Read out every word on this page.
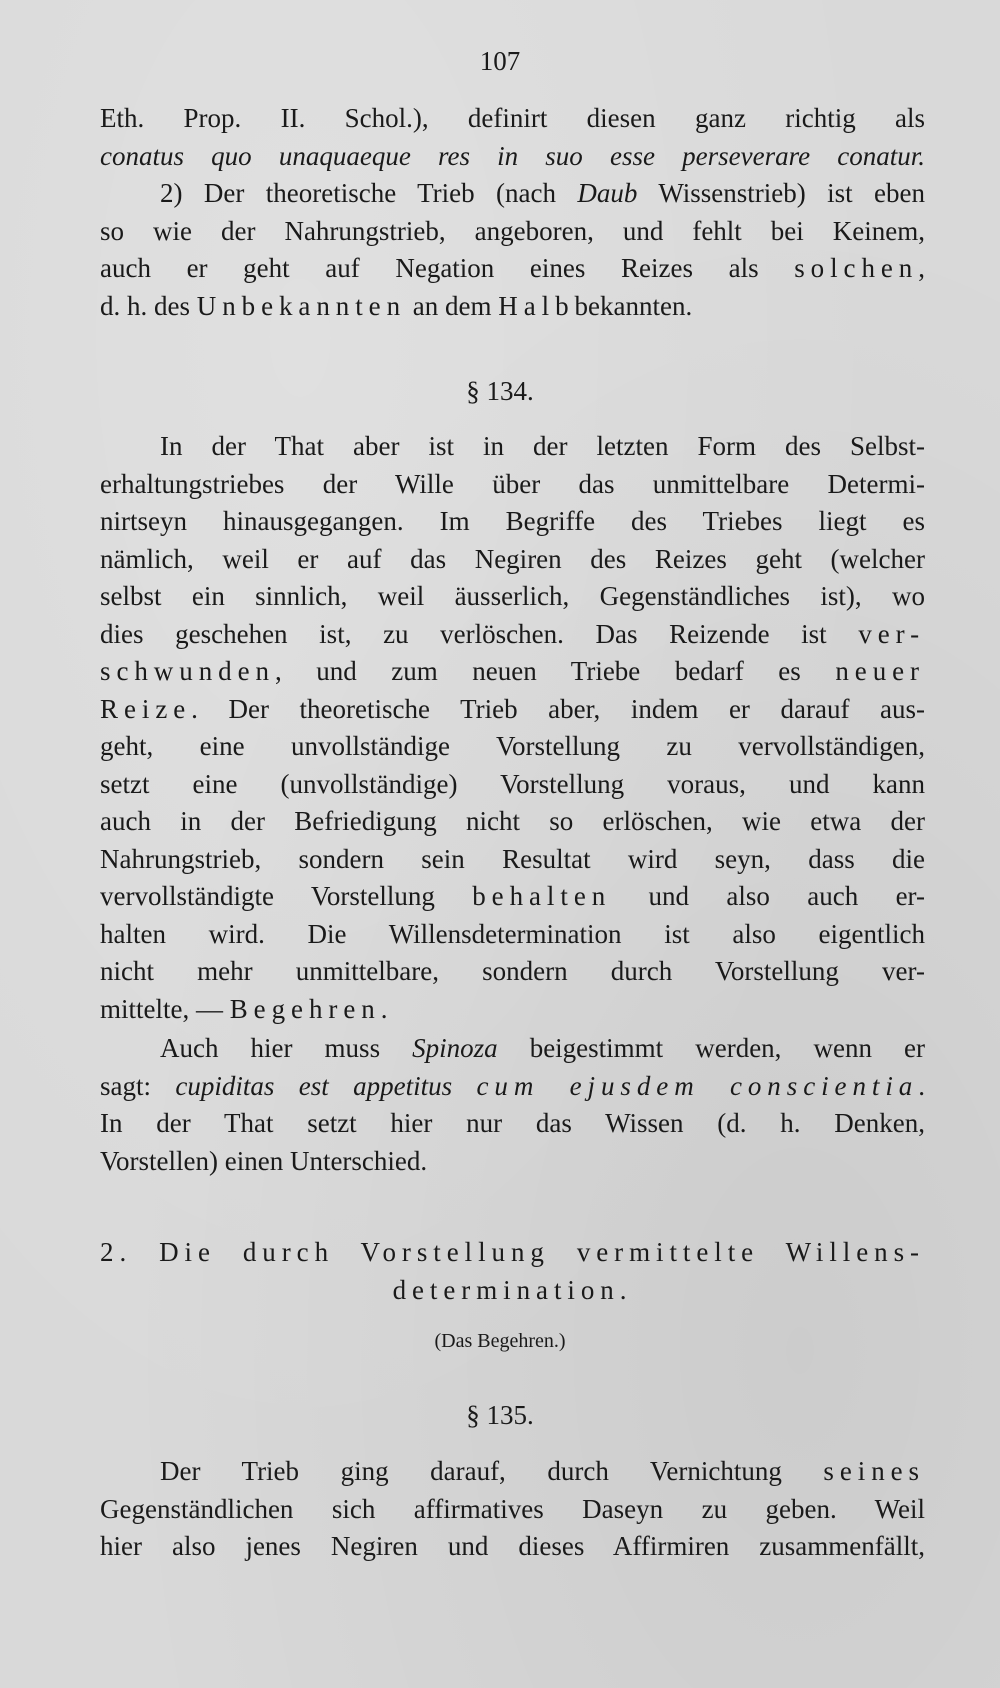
107
Eth. Prop. II. Schol.), definirt diesen ganz richtig als
conatus quo unaquaeque res in suo esse perseverare conatur.
2) Der theoretische Trieb (nach Daub Wissenstrieb) ist eben
so wie der Nahrungstrieb, angeboren, und fehlt bei Keinem,
auch er geht auf Negation eines Reizes als solchen,
d. h. des Unbekannten an dem Halbbekannten.
§ 134.
In der That aber ist in der letzten Form des Selbst-
erhaltungstriebes der Wille über das unmittelbare Determi-
nirtseyn hinausgegangen. Im Begriffe des Triebes liegt es
nämlich, weil er auf das Negiren des Reizes geht (welcher
selbst ein sinnlich, weil äusserlich, Gegenständliches ist), wo
dies geschehen ist, zu verlöschen. Das Reizende ist ver-
schwunden, und zum neuen Triebe bedarf es neuer
Reize. Der theoretische Trieb aber, indem er darauf aus-
geht, eine unvollständige Vorstellung zu vervollständigen,
setzt eine (unvollständige) Vorstellung voraus, und kann
auch in der Befriedigung nicht so erlöschen, wie etwa der
Nahrungstrieb, sondern sein Resultat wird seyn, dass die
vervollständigte Vorstellung behalten und also auch er-
halten wird. Die Willensdetermination ist also eigentlich
nicht mehr unmittelbare, sondern durch Vorstellung ver-
mittelte, — Begehren.
Auch hier muss Spinoza beigestimmt werden, wenn er
sagt: cupiditas est appetitus cum ejusdem conscientia.
In der That setzt hier nur das Wissen (d. h. Denken,
Vorstellen) einen Unterschied.
2. Die durch Vorstellung vermittelte Willens-
determination.
(Das Begehren.)
§ 135.
Der Trieb ging darauf, durch Vernichtung seines
Gegenständlichen sich affirmatives Daseyn zu geben. Weil
hier also jenes Negiren und dieses Affirmiren zusammenfällt,
